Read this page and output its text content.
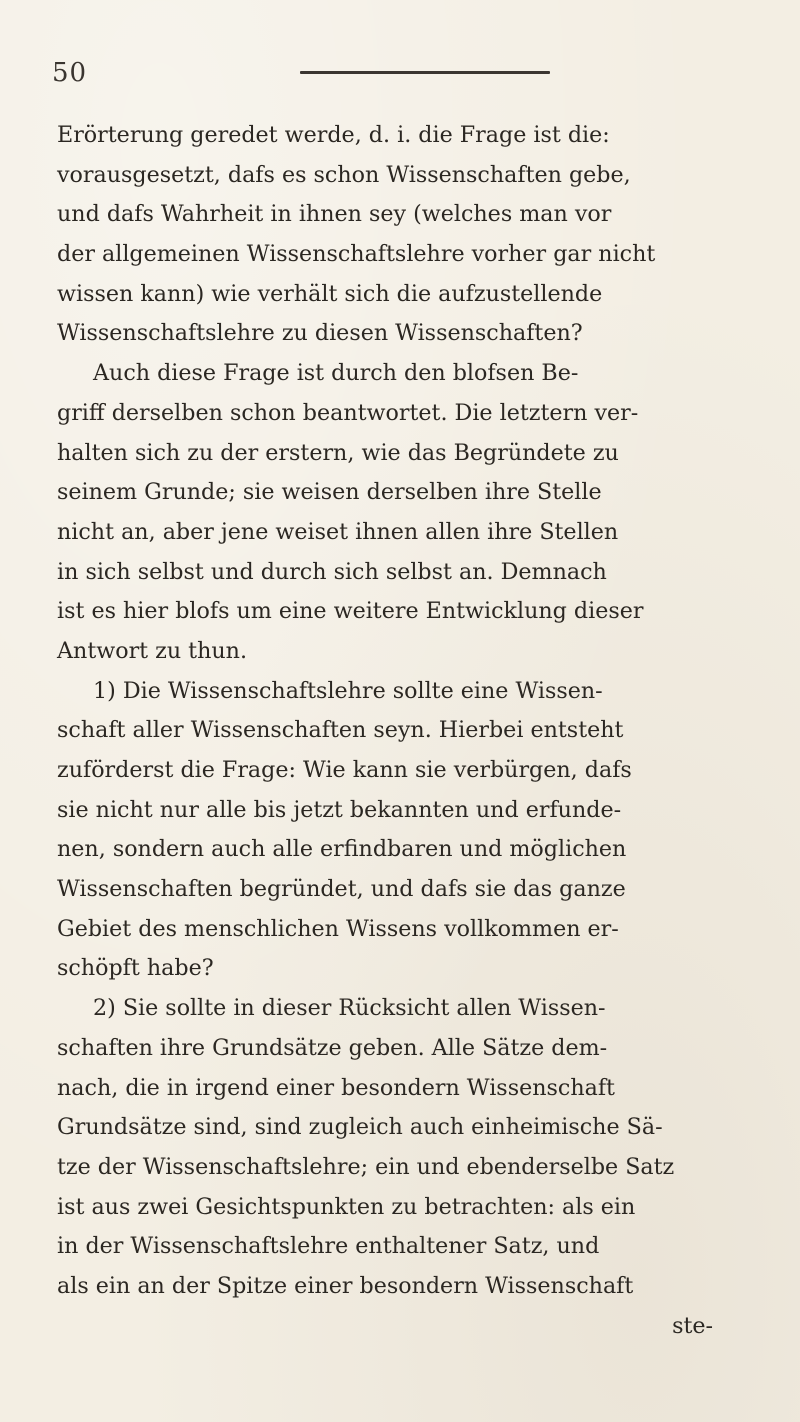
50
Erörterung geredet werde, d. i. die Frage ist die:
vorausgesetzt, dafs es schon Wissenschaften gebe,
und dafs Wahrheit in ihnen sey (welches man vor
der allgemeinen Wissenschaftslehre vorher gar nicht
wissen kann) wie verhält sich die aufzustellende
Wissenschaftslehre zu diesen Wissenschaften?
Auch diese Frage ist durch den blofsen Be-
griff derselben schon beantwortet. Die letztern ver-
halten sich zu der erstern, wie das Begründete zu
seinem Grunde; sie weisen derselben ihre Stelle
nicht an, aber jene weiset ihnen allen ihre Stellen
in sich selbst und durch sich selbst an. Demnach
ist es hier blofs um eine weitere Entwicklung dieser
Antwort zu thun.
1) Die Wissenschaftslehre sollte eine Wissen-
schaft aller Wissenschaften seyn. Hierbei entsteht
zuförderst die Frage: Wie kann sie verbürgen, dafs
sie nicht nur alle bis jetzt bekannten und erfunde-
nen, sondern auch alle erfindbaren und möglichen
Wissenschaften begründet, und dafs sie das ganze
Gebiet des menschlichen Wissens vollkommen er-
schöpft habe?
2) Sie sollte in dieser Rücksicht allen Wissen-
schaften ihre Grundsätze geben. Alle Sätze dem-
nach, die in irgend einer besondern Wissenschaft
Grundsätze sind, sind zugleich auch einheimische Sä-
tze der Wissenschaftslehre; ein und ebenderselbe Satz
ist aus zwei Gesichtspunkten zu betrachten: als ein
in der Wissenschaftslehre enthaltener Satz, und
als ein an der Spitze einer besondern Wissenschaft
ste-
